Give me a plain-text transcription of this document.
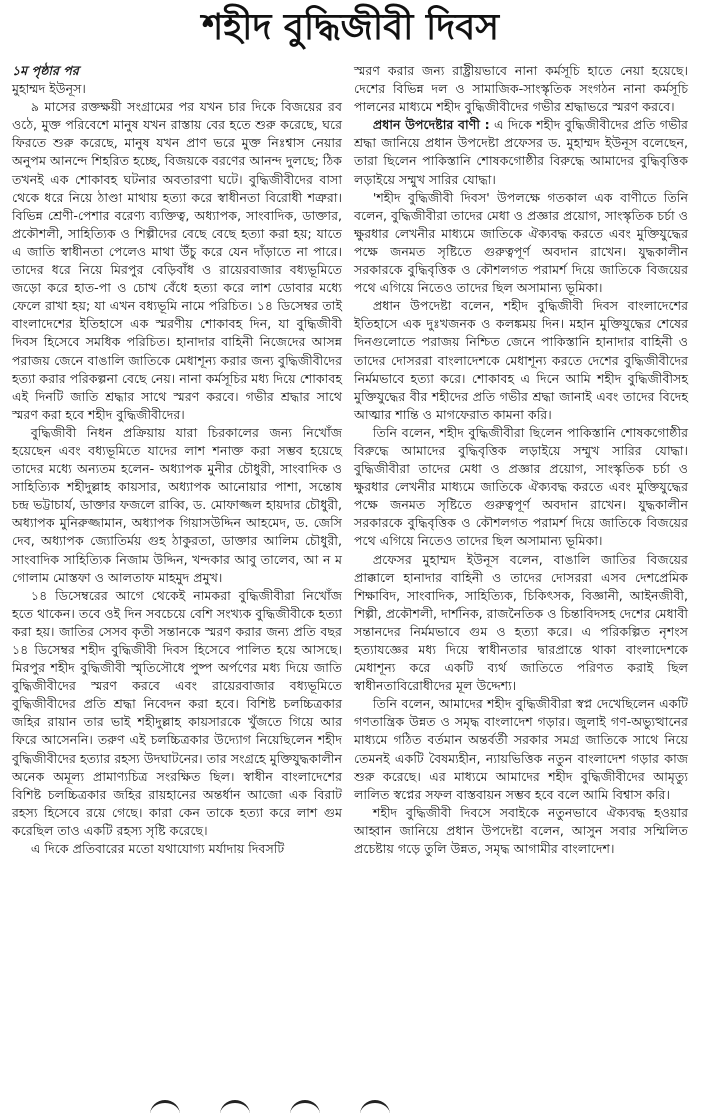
শহীদ বুদ্ধিজীবী দিবস

১ম পৃষ্ঠার পর
মুহাম্মদ ইউনূস।

৯ মাসের রক্তক্ষয়ী সংগ্রামের পর যখন চার দিকে বিজয়ের রব ওঠে, মুক্ত পরিবেশে মানুষ যখন রাস্তায় বের হতে শুরু করেছে, ঘরে ফিরতে শুরু করেছে, মানুষ যখন প্রাণ ভরে মুক্ত নিঃশ্বাস নেয়ার অনুপম আনন্দে শিহরিত হচ্ছে, বিজয়কে বরণের আনন্দ দুলছে; ঠিক তখনই এক শোকাবহ ঘটনার অবতারণা ঘটে। বুদ্ধিজীবীদের বাসা থেকে ধরে নিয়ে ঠাণ্ডা মাথায় হত্যা করে স্বাধীনতা বিরোধী শত্রুরা। বিভিন্ন শ্রেণী-পেশার বরেণ্য ব্যক্তিত্ব, অধ্যাপক, সাংবাদিক, ডাক্তার, প্রকৌশলী, সাহিত্যিক ও শিল্পীদের বেছে বেছে হত্যা করা হয়; যাতে এ জাতি স্বাধীনতা পেলেও মাথা উঁচু করে যেন দাঁড়াতে না পারে। তাদের ধরে নিয়ে মিরপুর বেড়িবাঁধ ও রায়েরবাজার বধ্যভূমিতে জড়ো করে হাত-পা ও চোখ বেঁধে হত্যা করে লাশ ডোবার মধ্যে ফেলে রাখা হয়; যা এখন বধ্যভূমি নামে পরিচিত। ১৪ ডিসেম্বর তাই বাংলাদেশের ইতিহাসে এক স্মরণীয় শোকাবহ দিন, যা বুদ্ধিজীবী দিবস হিসেবে সমধিক পরিচিত। হানাদার বাহিনী নিজেদের আসন্ন পরাজয় জেনে বাঙালি জাতিকে মেধাশূন্য করার জন্য বুদ্ধিজীবীদের হত্যা করার পরিকল্পনা বেছে নেয়। নানা কর্মসূচির মধ্য দিয়ে শোকাবহ এই দিনটি জাতি শ্রদ্ধার সাথে স্মরণ করবে। গভীর শ্রদ্ধার সাথে স্মরণ করা হবে শহীদ বুদ্ধিজীবীদের।

বুদ্ধিজীবী নিধন প্রক্রিয়ায় যারা চিরকালের জন্য নিখোঁজ হয়েছেন এবং বধ্যভূমিতে যাদের লাশ শনাক্ত করা সম্ভব হয়েছে তাদের মধ্যে অন্যতম হলেন- অধ্যাপক মুনীর চৌধুরী, সাংবাদিক ও সাহিত্যিক শহীদুল্লাহ কায়সার, অধ্যাপক আনোয়ার পাশা, সন্তোষ চন্দ্র ভট্টাচার্য, ডাক্তার ফজলে রাব্বি, ড. মোফাজ্জল হায়দার চৌধুরী, অধ্যাপক মুনিরুজ্জামান, অধ্যাপক গিয়াসউদ্দিন আহমেদ, ড. জেসি দেব, অধ্যাপক জ্যোতির্ময় গুহ ঠাকুরতা, ডাক্তার আলিম চৌধুরী, সাংবাদিক সাহিত্যিক নিজাম উদ্দিন, খন্দকার আবু তালেব, আ ন ম গোলাম মোস্তফা ও আলতাফ মাহমুদ প্রমুখ।

১৪ ডিসেম্বরের আগে থেকেই নামকরা বুদ্ধিজীবীরা নিখোঁজ হতে থাকেন। তবে ওই দিন সবচেয়ে বেশি সংখ্যক বুদ্ধিজীবীকে হত্যা করা হয়। জাতির সেসব কৃতী সন্তানকে স্মরণ করার জন্য প্রতি বছর ১৪ ডিসেম্বর শহীদ বুদ্ধিজীবী দিবস হিসেবে পালিত হয়ে আসছে। মিরপুর শহীদ বুদ্ধিজীবী স্মৃতিসৌধে পুষ্প অর্পণের মধ্য দিয়ে জাতি বুদ্ধিজীবীদের স্মরণ করবে এবং রায়েরবাজার বধ্যভূমিতে বুদ্ধিজীবীদের প্রতি শ্রদ্ধা নিবেদন করা হবে। বিশিষ্ট চলচ্চিত্রকার জহির রায়ান তার ভাই শহীদুল্লাহ কায়সারকে খুঁজতে গিয়ে আর ফিরে আসেননি। তরুণ এই চলচ্চিত্রকার উদ্যোগ নিয়েছিলেন শহীদ বুদ্ধিজীবীদের হত্যার রহস্য উদঘাটনের। তার সংগ্রহে মুক্তিযুদ্ধকালীন অনেক অমূল্য প্রামাণ্যচিত্র সংরক্ষিত ছিল। স্বাধীন বাংলাদেশের বিশিষ্ট চলচ্চিত্রকার জহির রায়হানের অন্তর্ধান আজো এক বিরাট রহস্য হিসেবে রয়ে গেছে। কারা কেন তাকে হত্যা করে লাশ গুম করেছিল তাও একটি রহস্য সৃষ্টি করেছে।

এ দিকে প্রতিবারের মতো যথাযোগ্য মর্যাদায় দিবসটি

স্মরণ করার জন্য রাষ্ট্রীয়ভাবে নানা কর্মসূচি হাতে নেয়া হয়েছে। দেশের বিভিন্ন দল ও সামাজিক-সাংস্কৃতিক সংগঠন নানা কর্মসূচি পালনের মাধ্যমে শহীদ বুদ্ধিজীবীদের গভীর শ্রদ্ধাভরে স্মরণ করবে।

প্রধান উপদেষ্টার বাণী : এ দিকে শহীদ বুদ্ধিজীবীদের প্রতি গভীর শ্রদ্ধা জানিয়ে প্রধান উপদেষ্টা প্রফেসর ড. মুহাম্মদ ইউনূস বলেছেন, তারা ছিলেন পাকিস্তানি শোষকগোষ্ঠীর বিরুদ্ধে আমাদের বুদ্ধিবৃত্তিক লড়াইয়ে সম্মুখ সারির যোদ্ধা।

'শহীদ বুদ্ধিজীবী দিবস' উপলক্ষে গতকাল এক বাণীতে তিনি বলেন, বুদ্ধিজীবীরা তাদের মেধা ও প্রজ্ঞার প্রয়োগ, সাংস্কৃতিক চর্চা ও ক্ষুরধার লেখনীর মাধ্যমে জাতিকে ঐক্যবদ্ধ করতে এবং মুক্তিযুদ্ধের পক্ষে জনমত সৃষ্টিতে গুরুত্বপূর্ণ অবদান রাখেন। যুদ্ধকালীন সরকারকে বুদ্ধিবৃত্তিক ও কৌশলগত পরামর্শ দিয়ে জাতিকে বিজয়ের পথে এগিয়ে নিতেও তাদের ছিল অসামান্য ভূমিকা।

প্রধান উপদেষ্টা বলেন, শহীদ বুদ্ধিজীবী দিবস বাংলাদেশের ইতিহাসে এক দুঃখজনক ও কলঙ্কময় দিন। মহান মুক্তিযুদ্ধের শেষের দিনগুলোতে পরাজয় নিশ্চিত জেনে পাকিস্তানি হানাদার বাহিনী ও তাদের দোসররা বাংলাদেশকে মেধাশূন্য করতে দেশের বুদ্ধিজীবীদের নির্মমভাবে হত্যা করে। শোকাবহ এ দিনে আমি শহীদ বুদ্ধিজীবীসহ মুক্তিযুদ্ধের বীর শহীদের প্রতি গভীর শ্রদ্ধা জানাই এবং তাদের বিদেহ আত্মার শান্তি ও মাগফেরাত কামনা করি।

তিনি বলেন, শহীদ বুদ্ধিজীবীরা ছিলেন পাকিস্তানি শোষকগোষ্ঠীর বিরুদ্ধে আমাদের বুদ্ধিবৃত্তিক লড়াইয়ে সম্মুখ সারির যোদ্ধা। বুদ্ধিজীবীরা তাদের মেধা ও প্রজ্ঞার প্রয়োগ, সাংস্কৃতিক চর্চা ও ক্ষুরধার লেখনীর মাধ্যমে জাতিকে ঐক্যবদ্ধ করতে এবং মুক্তিযুদ্ধের পক্ষে জনমত সৃষ্টিতে গুরুত্বপূর্ণ অবদান রাখেন। যুদ্ধকালীন সরকারকে বুদ্ধিবৃত্তিক ও কৌশলগত পরামর্শ দিয়ে জাতিকে বিজয়ের পথে এগিয়ে নিতেও তাদের ছিল অসামান্য ভূমিকা।

প্রফেসর মুহাম্মদ ইউনূস বলেন, বাঙালি জাতির বিজয়ের প্রাক্কালে হানাদার বাহিনী ও তাদের দোসররা এসব দেশপ্রেমিক শিক্ষাবিদ, সাংবাদিক, সাহিত্যিক, চিকিৎসক, বিজ্ঞানী, আইনজীবী, শিল্পী, প্রকৌশলী, দার্শনিক, রাজনৈতিক ও চিন্তাবিদসহ দেশের মেধাবী সন্তানদের নির্মমভাবে গুম ও হত্যা করে। এ পরিকল্পিত নৃশংস হত্যাযজ্ঞের মধ্য দিয়ে স্বাধীনতার দ্বারপ্রান্তে থাকা বাংলাদেশকে মেধাশূন্য করে একটি ব্যর্থ জাতিতে পরিণত করাই ছিল স্বাধীনতাবিরোধীদের মূল উদ্দেশ্য।

তিনি বলেন, আমাদের শহীদ বুদ্ধিজীবীরা স্বপ্ন দেখেছিলেন একটি গণতান্ত্রিক উন্নত ও সমৃদ্ধ বাংলাদেশ গড়ার। জুলাই গণ-অভ্যুত্থানের মাধ্যমে গঠিত বর্তমান অন্তর্বর্তী সরকার সমগ্র জাতিকে সাথে নিয়ে তেমনই একটি বৈষম্যহীন, ন্যায়ভিত্তিক নতুন বাংলাদেশ গড়ার কাজ শুরু করেছে। এর মাধ্যমে আমাদের শহীদ বুদ্ধিজীবীদের আমৃত্যু লালিত স্বপ্নের সফল বাস্তবায়ন সম্ভব হবে বলে আমি বিশ্বাস করি।

শহীদ বুদ্ধিজীবী দিবসে সবাইকে নতুনভাবে ঐক্যবদ্ধ হওয়ার আহ্বান জানিয়ে প্রধান উপদেষ্টা বলেন, আসুন সবার সম্মিলিত প্রচেষ্টায় গড়ে তুলি উন্নত, সমৃদ্ধ আগামীর বাংলাদেশ।
